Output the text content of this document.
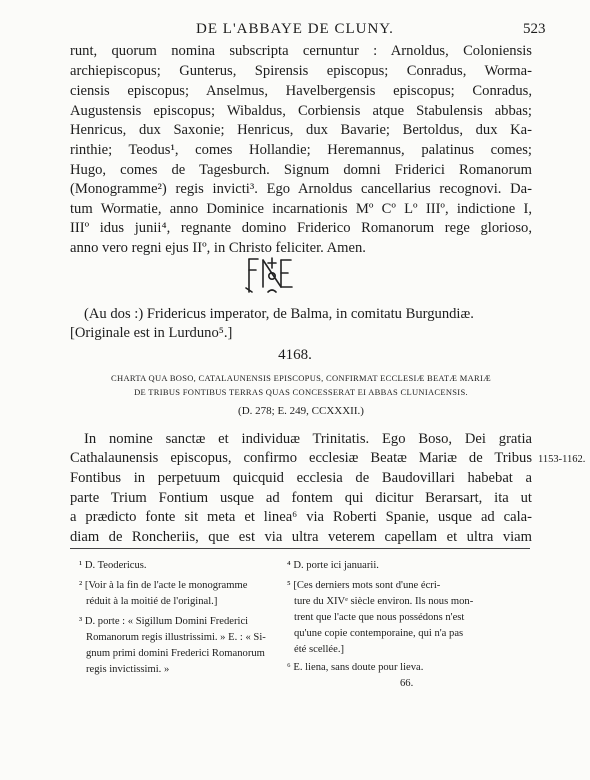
DE L'ABBAYE DE CLUNY.	523
runt, quorum nomina subscripta cernuntur : Arnoldus, Coloniensis
archiepiscopus; Gunterus, Spirensis episcopus; Conradus, Worma-
ciensis episcopus; Anselmus, Havelbergensis episcopus; Conradus,
Augustensis episcopus; Wibaldus, Corbiensis atque Stabulensis abbas;
Henricus, dux Saxonie; Henricus, dux Bavarie; Bertoldus, dux Ka-
rinthie; Teodus¹, comes Hollandie; Heremannus, palatinus comes;
Hugo, comes de Tagesburch. Signum domni Friderici Romanorum
(Monogramme²) regis invicti³. Ego Arnoldus cancellarius recognovi. Da-
tum Wormatie, anno Dominice incarnationis Mº Cº Lº IIIº, indictione I,
IIIº idus junii⁴, regnante domino Friderico Romanorum rege glorioso,
anno vero regni ejus IIº, in Christo feliciter. Amen.
(Au dos :) Fridericus imperator, de Balma, in comitatu Burgundiæ.
[Originale est in Lurduno⁵.]
4168.
CHARTA QUA BOSO, CATALAUNENSIS EPISCOPUS, CONFIRMAT ECCLESIÆ BEATÆ MARIÆ
DE TRIBUS FONTIBUS TERRAS QUAS CONCESSERAT EI ABBAS CLUNIACENSIS.
(D. 278; E. 249, CCXXXII.)
1153-1162.
In nomine sanctæ et individuæ Trinitatis. Ego Boso, Dei gratia
Cathalaunensis episcopus, confirmo ecclesiæ Beatæ Mariæ de Tribus
Fontibus in perpetuum quicquid ecclesia de Baudovillari habebat a
parte Trium Fontium usque ad fontem qui dicitur Berarsart, ita ut
a prædicto fonte sit meta et linea⁶ via Roberti Spanie, usque ad cala-
diam de Roncheriis, que est via ultra veterem capellam et ultra viam
¹ D. Teodericus.
² [Voir à la fin de l'acte le monogramme
réduit à la moitié de l'original.]
³ D. porte : « Sigillum Domini Frederici
Romanorum regis illustrissimi. » E. : « Si-
gnum primi domini Frederici Romanorum
regis invictissimi. »
⁴ D. porte ici januarii.
⁵ [Ces derniers mots sont d'une écri-
ture du XIVᵉ siècle environ. Ils nous mon-
trent que l'acte que nous possédons n'est
qu'une copie contemporaine, qui n'a pas
été scellée.]
⁶ E. liena, sans doute pour lieva.
66.
